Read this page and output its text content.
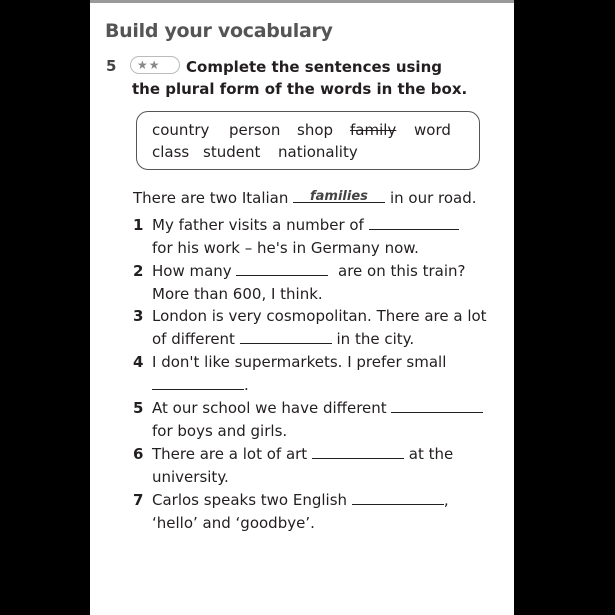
Build your vocabulary
5	★★	Complete the sentences using the plural form of the words in the box.
country person shop family word
class student nationality
There are two Italian	in our road.
families
1 My father visits a number of
for his work – he's in Germany now.
2 How many	are on this train?
More than 600, I think.
3 London is very cosmopolitan. There are a lot
of different	in the city.
4 I don't like supermarkets. I prefer small
.
5 At our school we have different
for boys and girls.
6 There are a lot of art	at the
university.
7 Carlos speaks two English	,
‘hello’ and ‘goodbye’.
